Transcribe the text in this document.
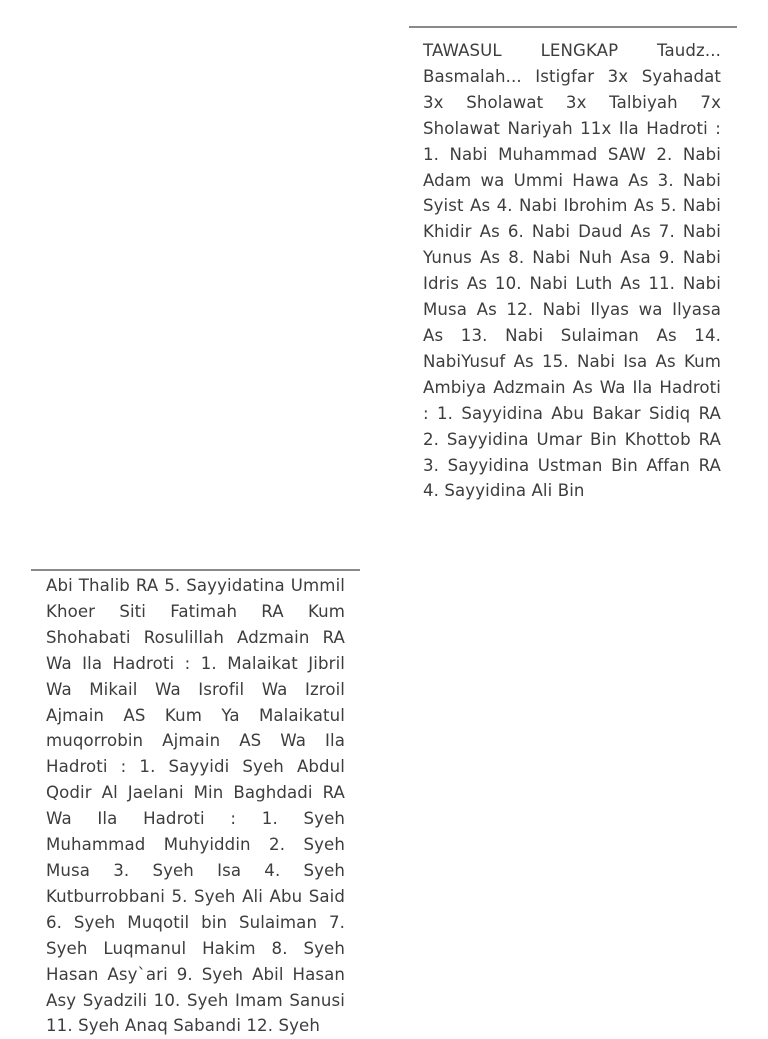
TAWASUL LENGKAP Taudz... Basmalah... Istigfar 3x Syahadat 3x Sholawat 3x Talbiyah 7x Sholawat Nariyah 11x Ila Hadroti : 1. Nabi Muhammad SAW 2. Nabi Adam wa Ummi Hawa As 3. Nabi Syist As 4. Nabi Ibrohim As 5. Nabi Khidir As 6. Nabi Daud As 7. Nabi Yunus As 8. Nabi Nuh Asa 9. Nabi Idris As 10. Nabi Luth As 11. Nabi Musa As 12. Nabi Ilyas wa Ilyasa As 13. Nabi Sulaiman As 14. NabiYusuf As 15. Nabi Isa As Kum Ambiya Adzmain As Wa Ila Hadroti : 1. Sayyidina Abu Bakar Sidiq RA 2. Sayyidina Umar Bin Khottob RA 3. Sayyidina Ustman Bin Affan RA 4. Sayyidina Ali Bin

Abi Thalib RA 5. Sayyidatina Ummil Khoer Siti Fatimah RA Kum Shohabati Rosulillah Adzmain RA Wa Ila Hadroti : 1. Malaikat Jibril Wa Mikail Wa Isrofil Wa Izroil Ajmain AS Kum Ya Malaikatul muqorrobin Ajmain AS Wa Ila Hadroti : 1. Sayyidi Syeh Abdul Qodir Al Jaelani Min Baghdadi RA Wa Ila Hadroti : 1. Syeh Muhammad Muhyiddin 2. Syeh Musa 3. Syeh Isa 4. Syeh Kutburrobbani 5. Syeh Ali Abu Said 6. Syeh Muqotil bin Sulaiman 7. Syeh Luqmanul Hakim 8. Syeh Hasan Asy`ari 9. Syeh Abil Hasan Asy Syadzili 10. Syeh Imam Sanusi 11. Syeh Anaq Sabandi 12. Syeh
